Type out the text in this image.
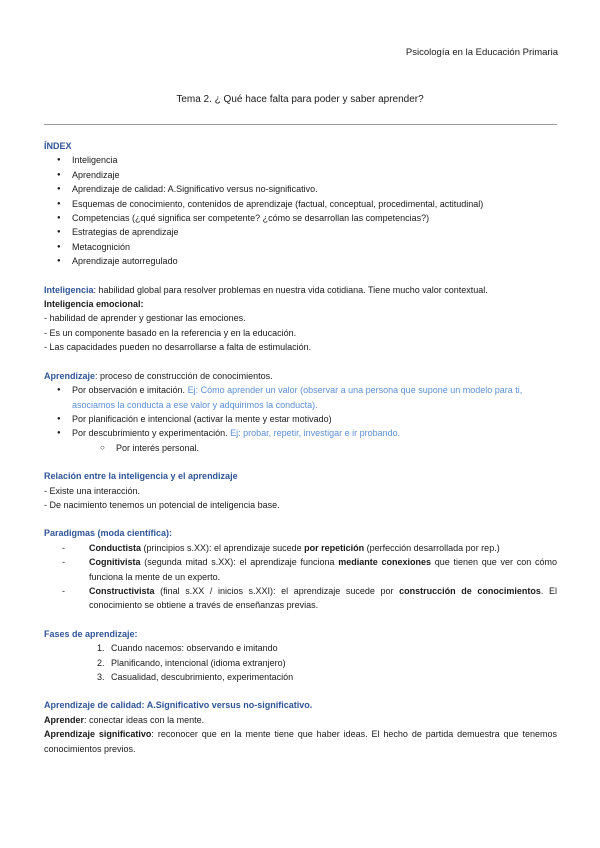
Psicología en la Educación Primaria
Tema 2. ¿ Qué hace falta para poder y saber aprender?
ÍNDEX
● Inteligencia
● Aprendizaje
● Aprendizaje de calidad: A.Significativo versus no-significativo.
● Esquemas de conocimiento, contenidos de aprendizaje (factual, conceptual, procedimental, actitudinal)
● Competencias (¿qué significa ser competente? ¿cómo se desarrollan las competencias?)
● Estrategias de aprendizaje
● Metacognición
● Aprendizaje autorregulado
Inteligencia: habilidad global para resolver problemas en nuestra vida cotidiana. Tiene mucho valor contextual.
Inteligencia emocional:
- habilidad de aprender y gestionar las emociones.
- Es un componente basado en la referencia y en la educación.
- Las capacidades pueden no desarrollarse a falta de estimulación.
Aprendizaje: proceso de construcción de conocimientos.
● Por observación e imitación. Ej: Cómo aprender un valor (observar a una persona que supone un modelo para ti, asociamos la conducta a ese valor y adquirimos la conducta).
● Por planificación e intencional (activar la mente y estar motivado)
● Por descubrimiento y experimentación. Ej: probar, repetir, investigar e ir probando.
○ Por interés personal.
Relación entre la inteligencia y el aprendizaje
- Existe una interacción.
- De nacimiento tenemos un potencial de inteligencia base.
Paradigmas (moda científica):
- Conductista (principios s.XX): el aprendizaje sucede por repetición (perfección desarrollada por rep.)
- Cognitivista (segunda mitad s.XX): el aprendizaje funciona mediante conexiones que tienen que ver con cómo funciona la mente de un experto.
- Constructivista (final s.XX / inicios s.XXI): el aprendizaje sucede por construcción de conocimientos. El conocimiento se obtiene a través de enseñanzas previas.
Fases de aprendizaje:
1. Cuando nacemos: observando e imitando
2. Planificando, intencional (idioma extranjero)
3. Casualidad, descubrimiento, experimentación
Aprendizaje de calidad: A.Significativo versus no-significativo.
Aprender: conectar ideas con la mente.
Aprendizaje significativo: reconocer que en la mente tiene que haber ideas. El hecho de partida demuestra que tenemos conocimientos previos.
